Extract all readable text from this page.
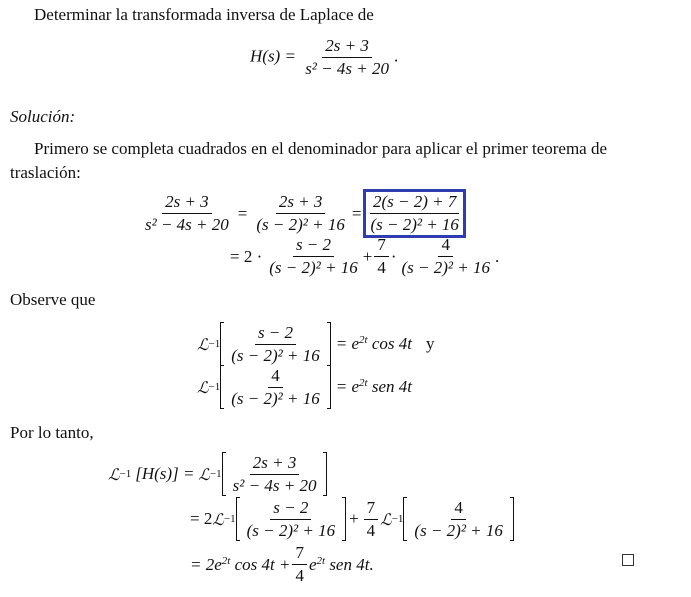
Determinar la transformada inversa de Laplace de
$H(s) = \frac{2s + 3}{\text{s² − 4s + 20}}$ .
Solución:
Primero se completa cuadrados en el denominador para aplicar el primer teorema de
traslación:
$\frac{2s + 3}{\text{s² − 4s + 20}} = \frac{2s + 3}{\text{(s − 2)² + 16}} = \frac{2(s - 2) + 7}{\text{(s − 2)² + 16}}$
= $2 \cdot \frac{s - 2}{\text{(s − 2)² + 16}} + \frac{7}{4} \cdot \frac{4}{\text{(s − 2)² + 16}}$ .
Observe que
ℒ $-1 \frac{s - 2}{\text{(s − 2)² + 16}} = e^{2t}$ cos 4t y
ℒ $-1 \frac{4}{\text{(s − 2)² + 16}} = e^{2t}$ sen 4t
Por lo tanto,
ℒ −1 [H(s)] = ℒ $-1 \frac{2s + 3}{\text{s² − 4s + 20}}$
= 2 ℒ $-1 \frac{s - 2}{\text{(s − 2)² + 16}} + \frac{7}{4}$ ℒ $-1 \frac{4}{\text{(s − 2)² + 16}}$
= $2e^{2t}$ $\cos 4t + \frac{7}{4} e^{2t}$ sen 4t.
